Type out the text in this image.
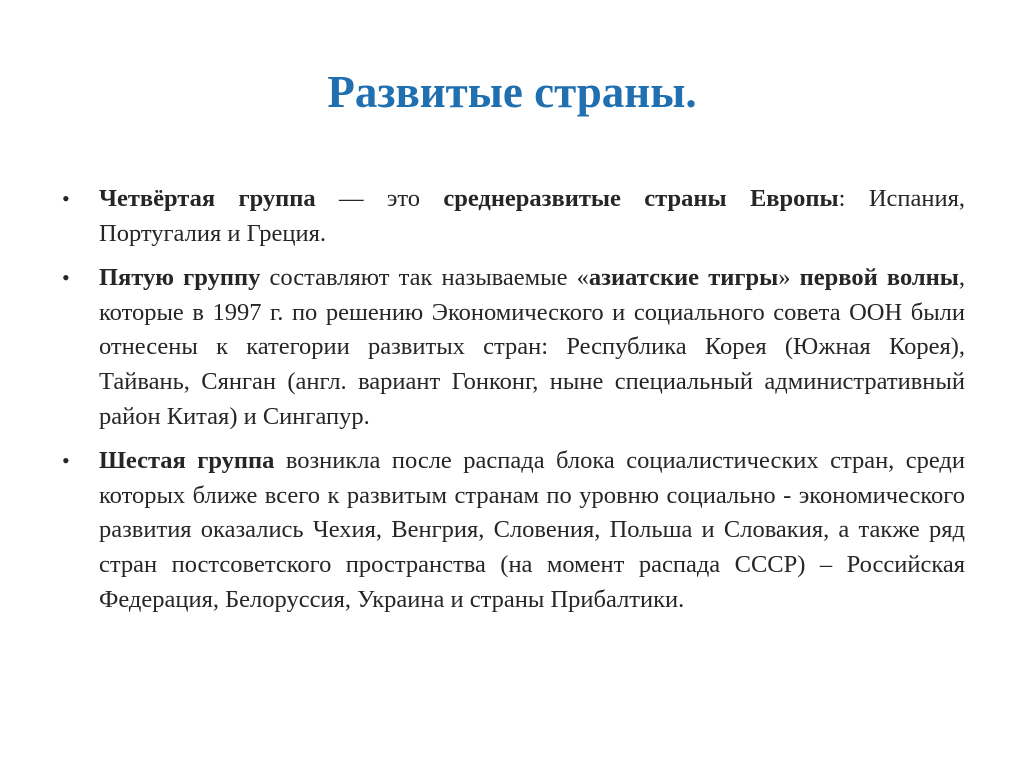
Развитые страны.
•	Четвёртая группа — это среднеразвитые страны Европы: Испания, Португалия и Греция.
•	Пятую группу составляют так называемые «азиатские тигры» первой волны, которые в 1997 г. по решению Экономического и социального совета ООН были отнесены к категории развитых стран: Республика Корея (Южная Корея), Тайвань, Сянган (англ. вариант Гонконг, ныне специальный административный район Китая) и Сингапур.
•	Шестая группа возникла после распада блока социалистических стран, среди которых ближе всего к развитым странам по уровню социально - экономического развития оказались Чехия, Венгрия, Словения, Польша и Словакия, а также ряд стран постсоветского пространства (на момент распада СССР) – Российская Федерация, Белоруссия, Украина и страны Прибалтики.
